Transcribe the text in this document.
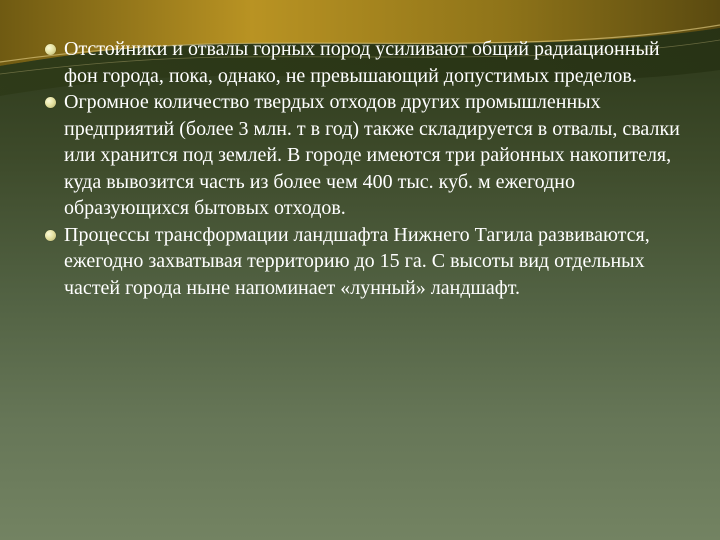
Отстойники и отвалы горных пород усиливают общий радиационный фон города, пока, однако, не превышающий допустимых пределов.
Огромное количество твердых отходов других промышленных предприятий (более 3 млн. т в год) также складируется в отвалы, свалки или хранится под землей. В городе имеются три районных накопителя, куда вывозится часть из более чем 400 тыс. куб. м ежегодно образующихся бытовых отходов.
Процессы трансформации ландшафта Нижнего Тагила развиваются, ежегодно захватывая территорию до 15 га. С высоты вид отдельных частей города ныне напоминает «лунный» ландшафт.
